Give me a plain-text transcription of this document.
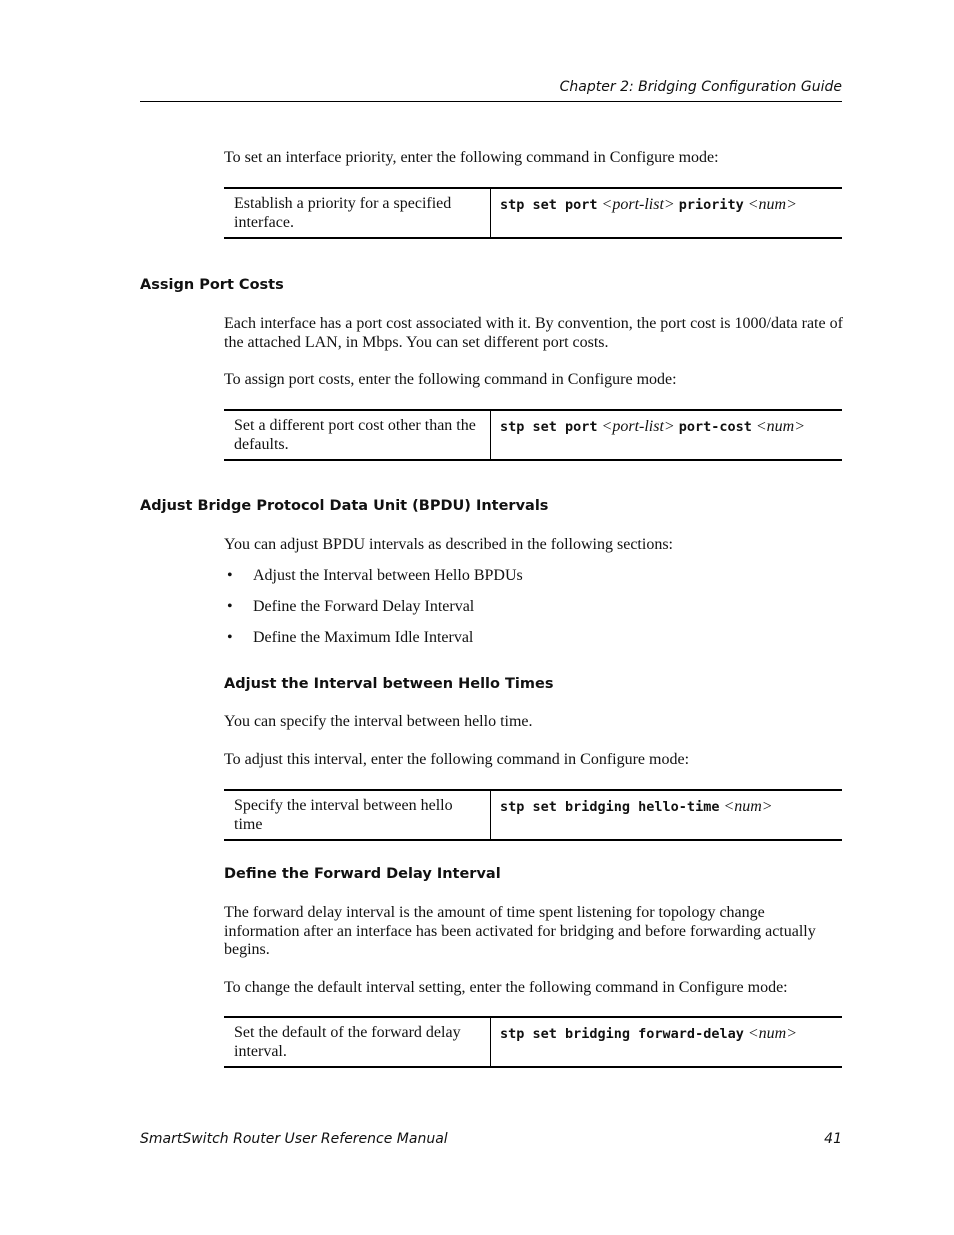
Chapter 2: Bridging Configuration Guide
To set an interface priority, enter the following command in Configure mode:
Establish a priority for a specified interface.
stp set port <port-list> priority <num>
Assign Port Costs
Each interface has a port cost associated with it. By convention, the port cost is 1000/data rate of the attached LAN, in Mbps. You can set different port costs.
To assign port costs, enter the following command in Configure mode:
Set a different port cost other than the defaults.
stp set port <port-list> port-cost <num>
Adjust Bridge Protocol Data Unit (BPDU) Intervals
You can adjust BPDU intervals as described in the following sections:
• Adjust the Interval between Hello BPDUs
• Define the Forward Delay Interval
• Define the Maximum Idle Interval
Adjust the Interval between Hello Times
You can specify the interval between hello time.
To adjust this interval, enter the following command in Configure mode:
Specify the interval between hello time
stp set bridging hello-time <num>
Define the Forward Delay Interval
The forward delay interval is the amount of time spent listening for topology change information after an interface has been activated for bridging and before forwarding actually begins.
To change the default interval setting, enter the following command in Configure mode:
Set the default of the forward delay interval.
stp set bridging forward-delay <num>
SmartSwitch Router User Reference Manual	41
